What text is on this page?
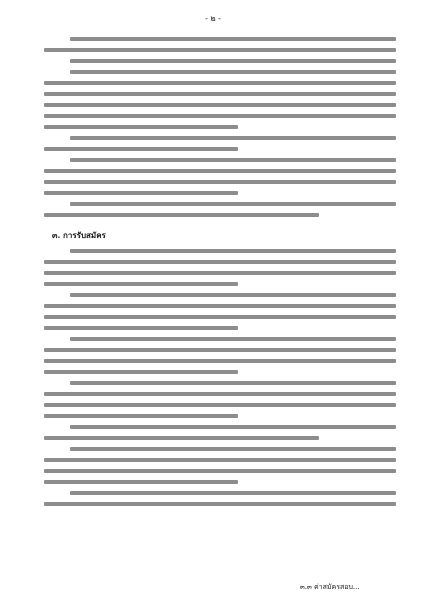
- ๒ -
๓. การรับสมัคร
๓.๓ ค่าสมัครสอบ...
